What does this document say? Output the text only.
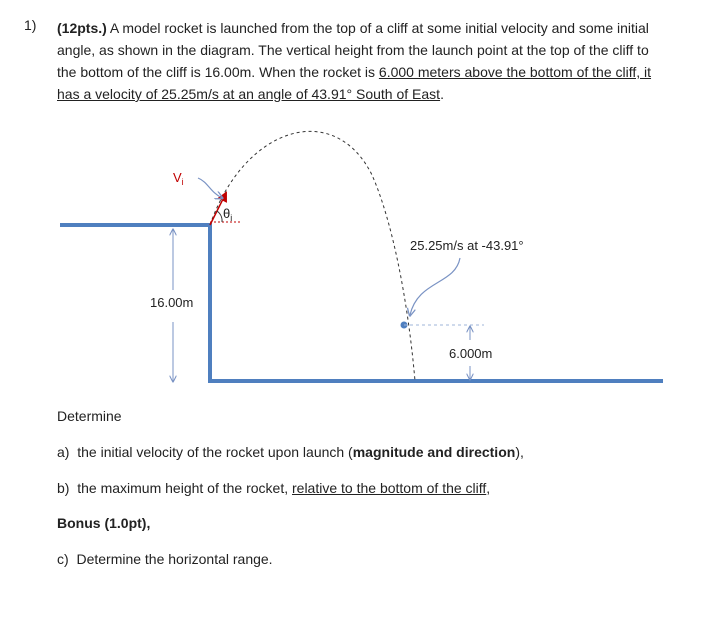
1) (12pts.) A model rocket is launched from the top of a cliff at some initial velocity and some initial angle, as shown in the diagram. The vertical height from the launch point at the top of the cliff to the bottom of the cliff is 16.00m. When the rocket is 6.000 meters above the bottom of the cliff, it has a velocity of 25.25m/s at an angle of 43.91° South of East.
$V_i$
$\theta_i$
16.00m
25.25m/s at -43.91°
6.000m
Determine
a) the initial velocity of the rocket upon launch (magnitude and direction),
b) the maximum height of the rocket, relative to the bottom of the cliff,
Bonus (1.0pt),
c) Determine the horizontal range.
